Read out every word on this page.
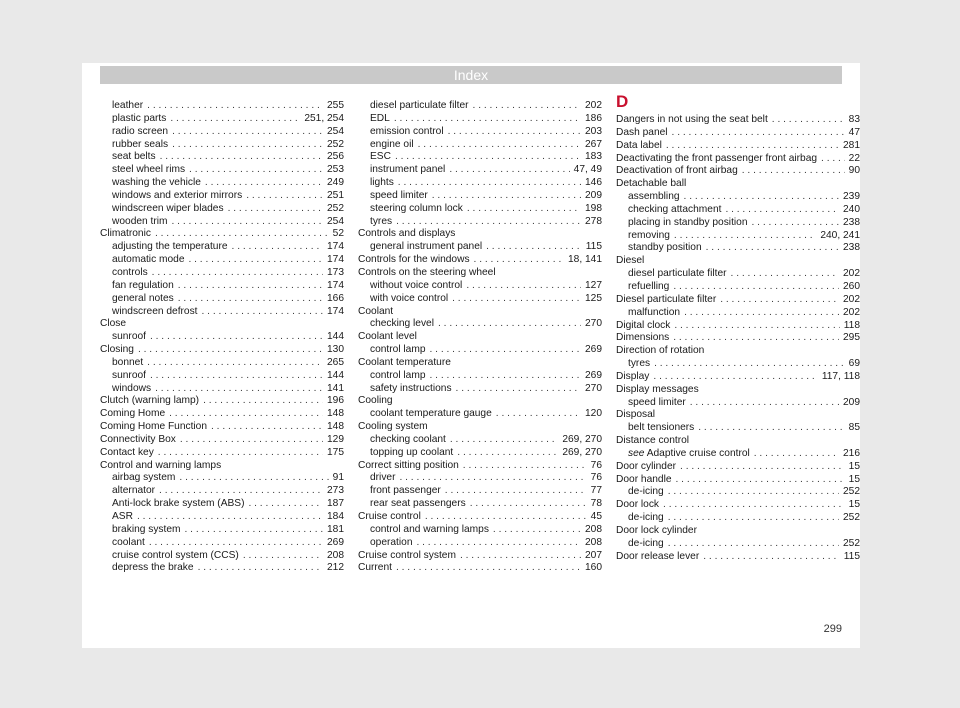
Index
leather . . .	255
plastic parts . . .	251, 254
radio screen . . .	254
rubber seals . . .	252
seat belts . . .	256
steel wheel rims . . .	253
washing the vehicle . . .	249
windows and exterior mirrors . . .	251
windscreen wiper blades . . .	252
wooden trim . . .	254
Climatronic . . .	52
adjusting the temperature . . .	174
automatic mode . . .	174
controls . . .	173
fan regulation . . .	174
general notes . . .	166
windscreen defrost . . .	174
Close
sunroof . . .	144
Closing . . .	130
bonnet . . .	265
sunroof . . .	144
windows . . .	141
Clutch (warning lamp) . . .	196
Coming Home . . .	148
Coming Home Function . . .	148
Connectivity Box . . .	129
Contact key . . .	175
Control and warning lamps
airbag system . . .	91
alternator . . .	273
Anti-lock brake system (ABS) . . .	187
ASR . . .	184
braking system . . .	181
coolant . . .	269
cruise control system (CCS) . . .	208
depress the brake . . .	212
diesel particulate filter . . .	202
EDL . . .	186
emission control . . .	203
engine oil . . .	267
ESC . . .	183
instrument panel . . .	47, 49
lights . . .	146
speed limiter . . .	209
steering column lock . . .	198
tyres . . .	278
Controls and displays
general instrument panel . . .	115
Controls for the windows . . .	18, 141
Controls on the steering wheel
without voice control . . .	127
with voice control . . .	125
Coolant
checking level . . .	270
Coolant level
control lamp . . .	269
Coolant temperature
control lamp . . .	269
safety instructions . . .	270
Cooling
coolant temperature gauge . . .	120
Cooling system
checking coolant . . .	269, 270
topping up coolant . . .	269, 270
Correct sitting position . . .	76
driver . . .	76
front passenger . . .	77
rear seat passengers . . .	78
Cruise control . . .	45
control and warning lamps . . .	208
operation . . .	208
Cruise control system . . .	207
Current . . .	160
D
Dangers in not using the seat belt . . .	83
Dash panel . . .	47
Data label . . .	281
Deactivating the front passenger front airbag . . .	22
Deactivation of front airbag . . .	90
Detachable ball
assembling . . .	239
checking attachment . . .	240
placing in standby position . . .	238
removing . . .	240, 241
standby position . . .	238
Diesel
diesel particulate filter . . .	202
refuelling . . .	260
Diesel particulate filter . . .	202
malfunction . . .	202
Digital clock . . .	118
Dimensions . . .	295
Direction of rotation
tyres . . .	69
Display . . .	117, 118
Display messages
speed limiter . . .	209
Disposal
belt tensioners . . .	85
Distance control
see Adaptive cruise control . . .	216
Door cylinder . . .	15
Door handle . . .	15
de-icing . . .	252
Door lock . . .	15
de-icing . . .	252
Door lock cylinder
de-icing . . .	252
Door release lever . . .	115
299
